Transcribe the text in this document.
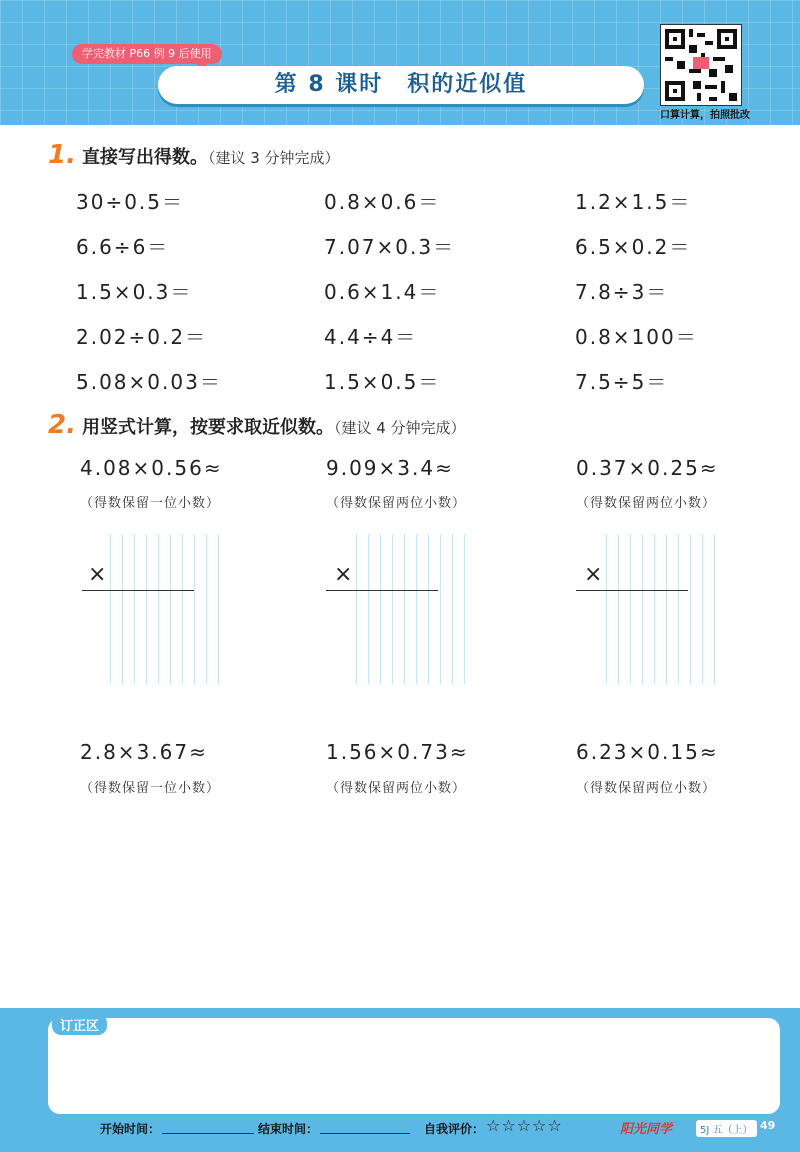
学完教材 P66 例 9 后使用
第 8 课时　积的近似值
口算计算，拍照批改
1. 直接写出得数。（建议 3 分钟完成）
30÷0.5＝	0.8×0.6＝	1.2×1.5＝
6.6÷6＝	7.07×0.3＝	6.5×0.2＝
1.5×0.3＝	0.6×1.4＝	7.8÷3＝
2.02÷0.2＝	4.4÷4＝	0.8×100＝
5.08×0.03＝	1.5×0.5＝	7.5÷5＝
2. 用竖式计算，按要求取近似数。（建议 4 分钟完成）
4.08×0.56≈	9.09×3.4≈	0.37×0.25≈
（得数保留一位小数）	（得数保留两位小数）	（得数保留两位小数）
×	×	×
2.8×3.67≈	1.56×0.73≈	6.23×0.15≈
（得数保留一位小数）	（得数保留两位小数）	（得数保留两位小数）
订正区
开始时间：	结束时间：	自我评价： ☆☆☆☆☆	阳光同学	5J 五（上） 49
